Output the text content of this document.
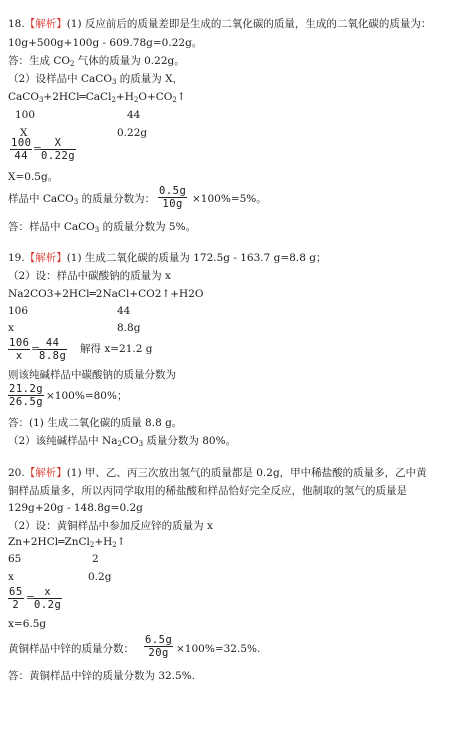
18.【解析】(1) 反应前后的质量差即是生成的二氧化碳的质量，生成的二氧化碳的质量为：
10g+500g+100g - 609.78g=0.22g。
答：生成 $CO_2$ 气体的质量为 0.22g。
（2）设样品中 CaCO$_3$ 的质量为 X，
$CaCO_3+2HCl═CaCl_2+H_2O+CO_2↑$
100	44
X	0.22g
$\frac{100}{44}$ =
$\frac{X}{0.22g}$
X=0.5g。
样品中 CaCO$_3$ 的质量分数为： $\frac{0.5g}{10g} \times 100\%=5\%$。
答：样品中 CaCO$_3$ 的质量分数为 5%。
19.【解析】(1) 生成二氧化碳的质量为 172.5g - 163.7 g=8.8 g；
（2）设：样品中碳酸钠的质量为 x
Na2CO3+2HCl═2NaCl+CO2↑+H2O
106	44
x	8.8g
$\frac{106}{x}$ =
$\frac{44}{8.8g}$ 解得 x=21.2 g
则该纯碱样品中碳酸钠的质量分数为
$\frac{21.2g}{26.5g} \times 100\%=80\%$；
答：(1) 生成二氧化碳的质量 8.8 g。
（2）该纯碱样品中 $Na_2CO_3$ 质量分数为 80%。
20.【解析】(1) 甲、乙、丙三次放出氢气的质量都是 0.2g，甲中稀盐酸的质量多，乙中黄
铜样品质量多，所以丙同学取用的稀盐酸和样品恰好完全反应，他制取的氢气的质量是
129g+20g - 148.8g=0.2g
（2）设：黄铜样品中参加反应锌的质量为 x
$Zn+2HCl═ZnCl_2+H_2↑$
65	2
x	0.2g
$\frac{65}{2}$ =
$\frac{x}{0.2g}$
x=6.5g
黄铜样品中锌的质量分数： $\frac{6.5g}{20g} \times 100\%=32.5\%$.
答：黄铜样品中锌的质量分数为 32.5%.
